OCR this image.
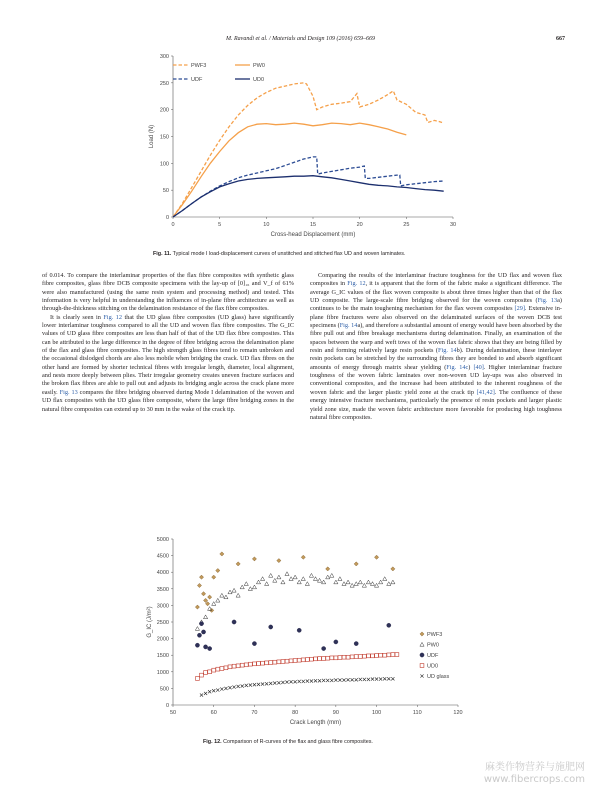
M. Ravandi et al. / Materials and Design 109 (2016) 659–669	667
0	5	10	15	20	25	30
0
50
100
150
200
250
300
Cross-head Displacement (mm)
Load (N)
PWF3	PW0
UDF	UD0
Fig. 11. Typical mode I load-displacement curves of unstitched and stitched flax UD and woven laminates.

of 0.014. To compare the interlaminar properties of the flax fibre composites with synthetic glass fibre composites, glass fibre DCB composite specimens with the lay-up of [0]₁₆ and V_f of 61% were also manufactured (using the same resin system and processing method) and tested. This information is very helpful in understanding the influences of in-plane fibre architecture as well as through-the-thickness stitching on the delamination resistance of the flax fibre composites.

It is clearly seen in Fig. 12 that the UD glass fibre composites (UD glass) have significantly lower interlaminar toughness compared to all the UD and woven flax fibre composites. The G_IC values of UD glass fibre composites are less than half of that of the UD flax fibre composites. This can be attributed to the large difference in the degree of fibre bridging across the delamination plane of the flax and glass fibre composites. The high strength glass fibres tend to remain unbroken and the occasional dislodged chords are also less mobile when bridging the crack. UD flax fibres on the other hand are formed by shorter technical fibres with irregular length, diameter, local alignment, and nests more deeply between plies. Their irregular geometry creates uneven fracture surfaces and the broken flax fibres are able to pull out and adjusts its bridging angle across the crack plane more easily. Fig. 13 compares the fibre bridging observed during Mode I delamination of the woven and UD flax composites with the UD glass fibre composite, where the large fibre bridging zones in the natural fibre composites can extend up to 30 mm in the wake of the crack tip.

Comparing the results of the interlaminar fracture toughness for the UD flax and woven flax composites in Fig. 12, it is apparent that the form of the fabric make a significant difference. The average G_IC values of the flax woven composite is about three times higher than that of the flax UD composite. The large-scale fibre bridging observed for the woven composites (Fig. 13a) continues to be the main toughening mechanism for the flax woven composites [29]. Extensive in-plane fibre fractures were also observed on the delaminated surfaces of the woven DCB test specimens (Fig. 14a), and therefore a substantial amount of energy would have been absorbed by the fibre pull out and fibre breakage mechanisms during delamination. Finally, an examination of the spaces between the warp and weft tows of the woven flax fabric shows that they are being filled by resin and forming relatively large resin pockets (Fig. 14b). During delamination, these interlayer resin pockets can be stretched by the surrounding fibres they are bonded to and absorb significant amounts of energy through matrix shear yielding (Fig. 14c) [40]. Higher interlaminar fracture toughness of the woven fabric laminates over non-woven UD lay-ups was also observed in conventional composites, and the increase had been attributed to the inherent roughness of the woven fabric and the larger plastic yield zone at the crack tip [41,42]. The confluence of these energy intensive fracture mechanisms, particularly the presence of resin pockets and larger plastic yield zone size, made the woven fabric architecture more favorable for producing high toughness natural fibre composites.

50	60	70	80	90	100	110	120
0
500
1000
1500
2000
2500
3000
3500
4000
4500
5000
Crack Length (mm)
G_IC (J/m²)	PWF3
PW0
UDF
UD0
UD glass
Fig. 12. Comparison of R-curves of the flax and glass fibre composites.
麻类作物营养与施肥网
www.fibercrops.com
